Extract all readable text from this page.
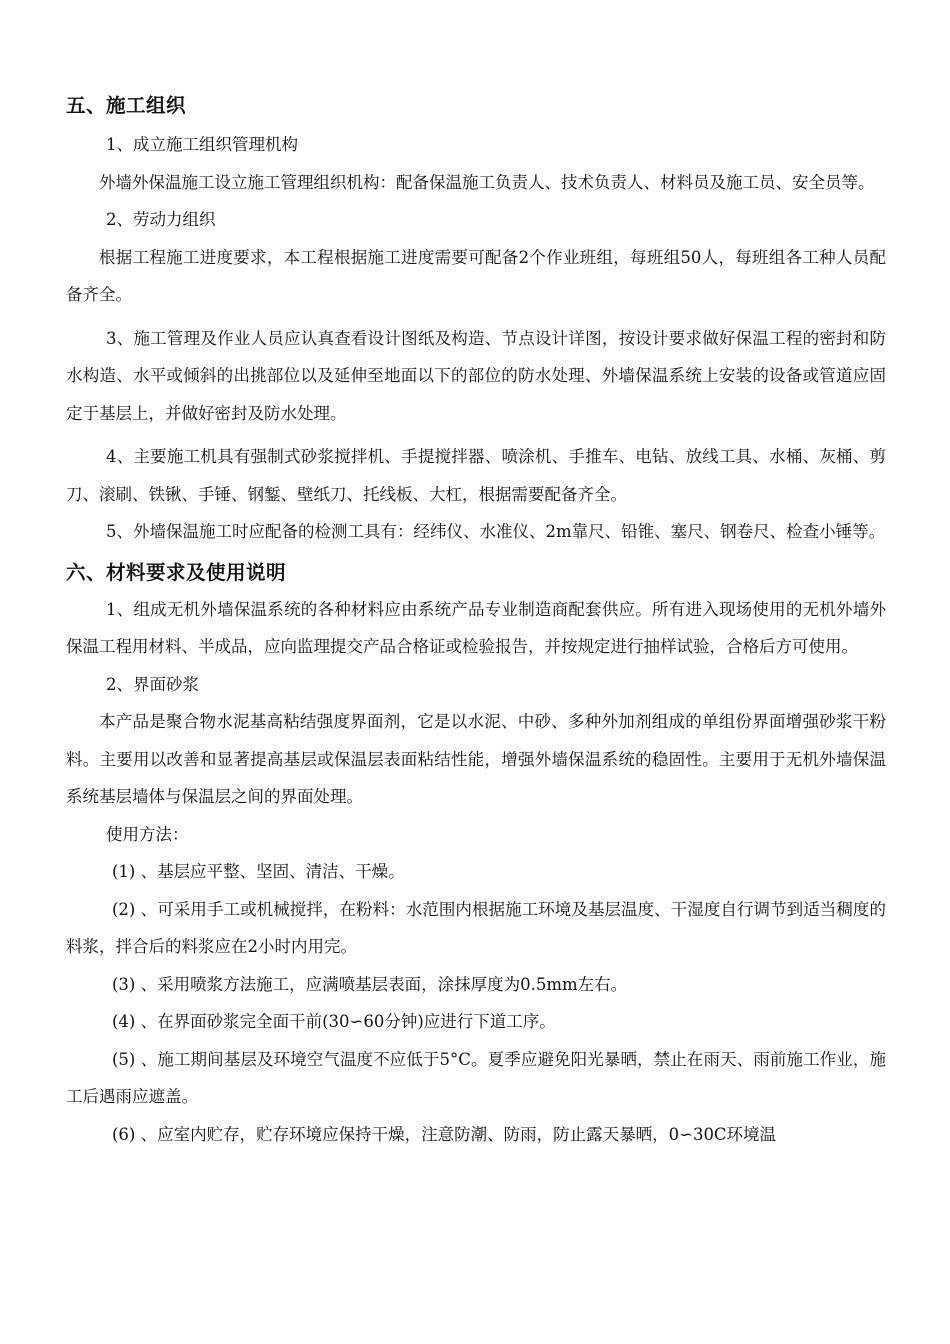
五、施工组织

1、成立施工组织管理机构

外墙外保温施工设立施工管理组织机构：配备保温施工负责人、技术负责人、材料员及施工员、安全员等。

2、劳动力组织

根据工程施工进度要求，本工程根据施工进度需要可配备2个作业班组，每班组50人，每班组各工种人员配备齐全。

3、施工管理及作业人员应认真查看设计图纸及构造、节点设计详图，按设计要求做好保温工程的密封和防水构造、水平或倾斜的出挑部位以及延伸至地面以下的部位的防水处理、外墙保温系统上安装的设备或管道应固定于基层上，并做好密封及防水处理。

4、主要施工机具有强制式砂浆搅拌机、手提搅拌器、喷涂机、手推车、电钻、放线工具、水桶、灰桶、剪刀、滚刷、铁锹、手锤、钢錾、壁纸刀、托线板、大杠，根据需要配备齐全。

5、外墙保温施工时应配备的检测工具有：经纬仪、水准仪、2m靠尺、铅锥、塞尺、钢卷尺、检查小锤等。

六、材料要求及使用说明

1、组成无机外墙保温系统的各种材料应由系统产品专业制造商配套供应。所有进入现场使用的无机外墙外保温工程用材料、半成品，应向监理提交产品合格证或检验报告，并按规定进行抽样试验，合格后方可使用。

2、界面砂浆

本产品是聚合物水泥基高粘结强度界面剂，它是以水泥、中砂、多种外加剂组成的单组份界面增强砂浆干粉料。主要用以改善和显著提高基层或保温层表面粘结性能，增强外墙保温系统的稳固性。主要用于无机外墙保温系统基层墙体与保温层之间的界面处理。

使用方法：

(1) 、基层应平整、坚固、清洁、干燥。

(2) 、可采用手工或机械搅拌，在粉料：水范围内根据施工环境及基层温度、干湿度自行调节到适当稠度的料浆，拌合后的料浆应在2小时内用完。

(3) 、采用喷浆方法施工，应满喷基层表面，涂抹厚度为0.5mm左右。

(4) 、在界面砂浆完全面干前(30∽60分钟)应进行下道工序。

(5) 、施工期间基层及环境空气温度不应低于5°C。夏季应避免阳光暴晒，禁止在雨天、雨前施工作业，施工后遇雨应遮盖。

(6) 、应室内贮存，贮存环境应保持干燥，注意防潮、防雨，防止露天暴晒，0∽30C环境温
